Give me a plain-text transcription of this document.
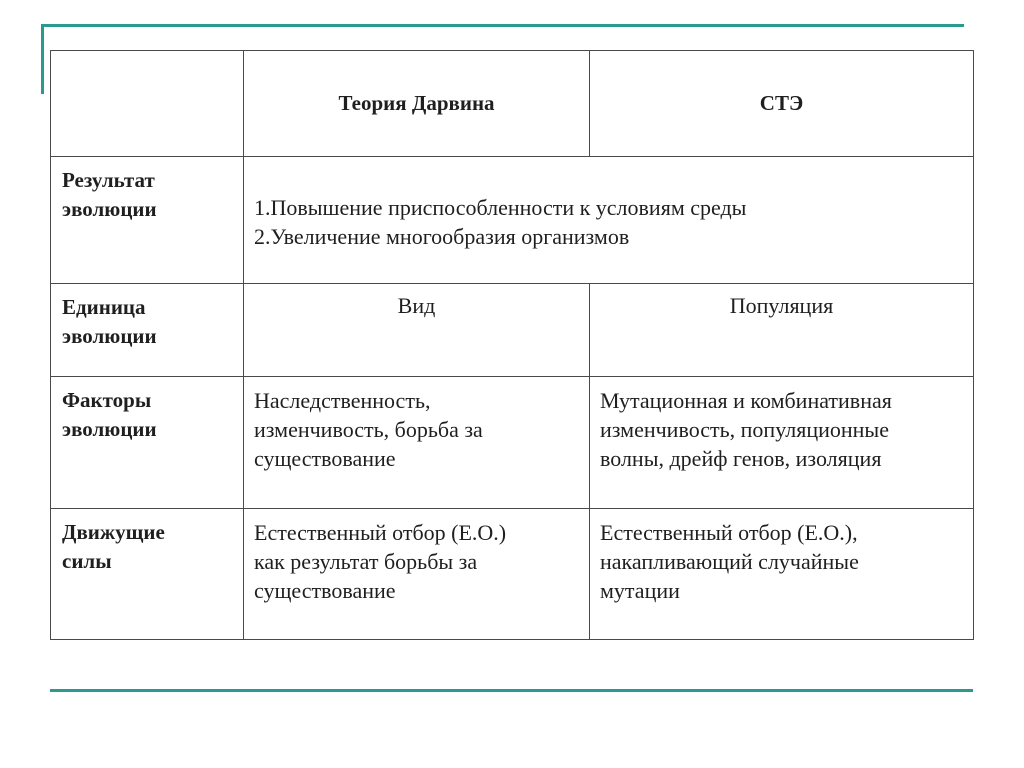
	Теория Дарвина	СТЭ

Результат
эволюции	1.Повышение приспособленности к условиям среды
2.Увеличение многообразия организмов	

Единица
эволюции	Вид	Популяция

Факторы
эволюции	Наследственность,
изменчивость, борьба за
существование	Мутационная и комбинативная
изменчивость, популяционные
волны, дрейф генов, изоляция

Движущие
силы	Естественный отбор (Е.О.)
как результат борьбы за
существование	Естественный отбор (Е.О.),
накапливающий случайные
мутации
